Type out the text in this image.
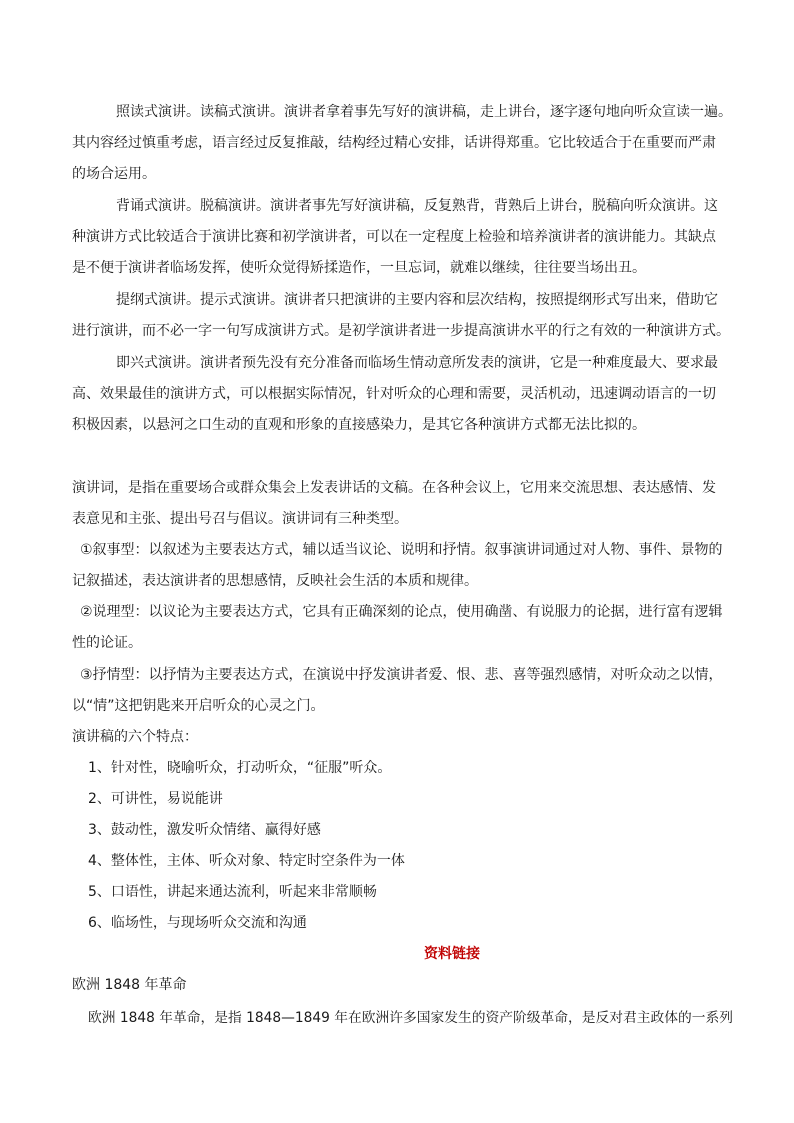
照读式演讲。读稿式演讲。演讲者拿着事先写好的演讲稿，走上讲台，逐字逐句地向听众宣读一遍。
其内容经过慎重考虑，语言经过反复推敲，结构经过精心安排，话讲得郑重。它比较适合于在重要而严肃
的场合运用。
背诵式演讲。脱稿演讲。演讲者事先写好演讲稿，反复熟背，背熟后上讲台，脱稿向听众演讲。这
种演讲方式比较适合于演讲比赛和初学演讲者，可以在一定程度上检验和培养演讲者的演讲能力。其缺点
是不便于演讲者临场发挥，使听众觉得矫揉造作，一旦忘词，就难以继续，往往要当场出丑。
提纲式演讲。提示式演讲。演讲者只把演讲的主要内容和层次结构，按照提纲形式写出来，借助它
进行演讲，而不必一字一句写成演讲方式。是初学演讲者进一步提高演讲水平的行之有效的一种演讲方式。
即兴式演讲。演讲者预先没有充分准备而临场生情动意所发表的演讲，它是一种难度最大、要求最
高、效果最佳的演讲方式，可以根据实际情况，针对听众的心理和需要，灵活机动，迅速调动语言的一切
积极因素，以悬河之口生动的直观和形象的直接感染力，是其它各种演讲方式都无法比拟的。
演讲词，是指在重要场合或群众集会上发表讲话的文稿。在各种会议上，它用来交流思想、表达感情、发
表意见和主张、提出号召与倡议。演讲词有三种类型。
①叙事型：以叙述为主要表达方式，辅以适当议论、说明和抒情。叙事演讲词通过对人物、事件、景物的
记叙描述，表达演讲者的思想感情，反映社会生活的本质和规律。
②说理型：以议论为主要表达方式，它具有正确深刻的论点，使用确凿、有说服力的论据，进行富有逻辑
性的论证。
③抒情型：以抒情为主要表达方式，在演说中抒发演讲者爱、恨、悲、喜等强烈感情，对听众动之以情，
以“情”这把钥匙来开启听众的心灵之门。
演讲稿的六个特点：
1、针对性，晓喻听众，打动听众，“征服”听众。
2、可讲性，易说能讲
3、鼓动性，激发听众情绪、赢得好感
4、整体性，主体、听众对象、特定时空条件为一体
5、口语性，讲起来通达流利，听起来非常顺畅
6、临场性，与现场听众交流和沟通
资料链接
欧洲 1848 年革命
欧洲 1848 年革命，是指 1848—1849 年在欧洲许多国家发生的资产阶级革命，是反对君主政体的一系列
